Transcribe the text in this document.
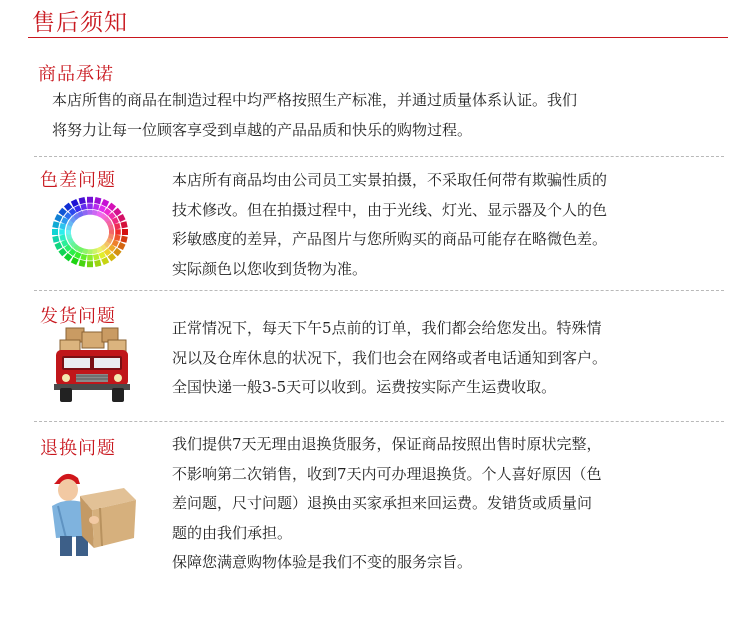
售后须知
商品承诺

本店所售的商品在制造过程中均严格按照生产标准，并通过质量体系认证。我们

将努力让每一位顾客享受到卓越的产品品质和快乐的购物过程。

色差问题	本店所有商品均由公司员工实景拍摄，不采取任何带有欺骗性质的

技术修改。但在拍摄过程中，由于光线、灯光、显示器及个人的色

彩敏感度的差异，产品图片与您所购买的商品可能存在略微色差。

实际颜色以您收到货物为准。

发货问题

正常情况下，每天下午5点前的订单，我们都会给您发出。特殊情

况以及仓库休息的状况下，我们也会在网络或者电话通知到客户。

全国快递一般3-5天可以收到。运费按实际产生运费收取。

退换问题	我们提供7天无理由退换货服务，保证商品按照出售时原状完整，

不影响第二次销售，收到7天内可办理退换货。个人喜好原因（色

差问题，尺寸问题）退换由买家承担来回运费。发错货或质量问

题的由我们承担。

保障您满意购物体验是我们不变的服务宗旨。
